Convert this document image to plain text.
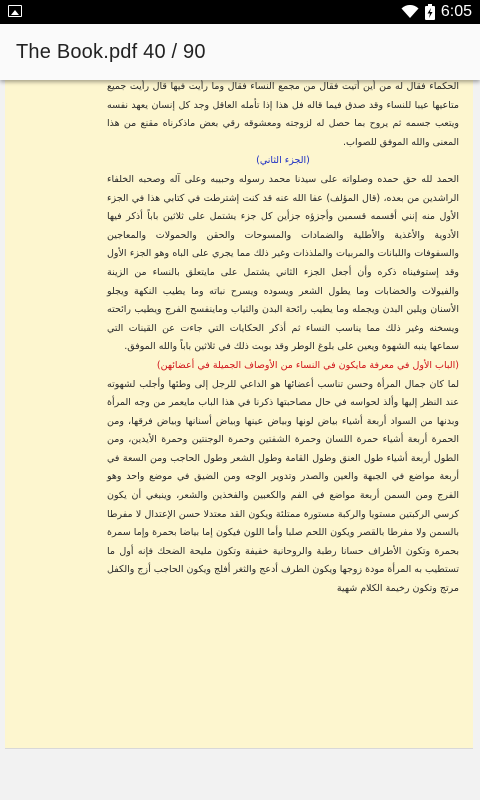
6:05
The Book.pdf 40 / 90

الحكماء فقال له من أين أتيت فقال من مجمع النساء فقال وما رأيت فيها قال رأيت جميع متاعيها عيبا للنساء وقد صدق فيما قاله فل هذا إذا تأمله العاقل وجد كل إنسان يعهد نفسه ويتعب جسمه ثم يروح بما حصل له لزوجته ومعشوقه رقي بعض ماذكرناه مقنع من هذا المعنى والله الموفق للصواب.

(الجزء الثاني)

الحمد لله حق حمده وصلواته على سيدنا محمد رسوله وحبيبه وعلى آله وصحبه الخلفاء الراشدين من بعده، (قال المؤلف) عفا الله عنه قد كنت إشترطت في كتابي هذا في الجزء الأول منه إنني أقسمه قسمين وأجزؤه جزأين كل جزء يشتمل على ثلاثين باباً أذكر فيها الأدوية والأغذية والأطلية والضمادات والمسوحات والحقن والحمولات والمعاجين والسفوفات واللبانات والمربيات والملذذات وغير ذلك مما يجري على الباه وهو الجزء الأول وقد إستوفيناه ذكره وأن أجعل الجزء الثاني يشتمل على مايتعلق بالنساء من الزينة والفيولات والخضابات وما يطول الشعر ويسوده ويسرح نباته وما يطيب النكهة ويجلو الأسنان ويلين البدن ويجمله وما يطيب رائحة البدن والثياب وماينفسح الفرج ويطيب رائحته ويسخنه وغير ذلك مما يناسب النساء ثم أذكر الحكايات التي جاءت عن القينات التي سماعها ينبه الشهوة ويعين على بلوغ الوطر وقد بوبت ذلك في ثلاثين باباً والله الموفق.

(الباب الأول في معرفة مايكون في النساء من الأوصاف الجميلة في أعضائهن)

لما كان جمال المرأة وحسن تناسب أعضائها هو الداعي للرجل إلى وطئها وأجلب لشهوته عند النظر إليها وألذ لحواسه في حال مصاحبتها ذكرنا في هذا الباب مايعمر من وجه المرأة وبدنها من السواد أربعة أشياء بياض لونها وبياض عينها وبياض أسنانها وبياض فرقها، ومن الحمرة أربعة أشياء حمرة اللسان وحمرة الشفتين وحمرة الوجنتين وحمرة الأيدين، ومن الطول أربعة أشياء طول العنق وطول القامة وطول الشعر وطول الحاجب ومن السعة في أربعة مواضع في الجبهة والعين والصدر وتدوير الوجه ومن الضيق في موضع واحد وهو الفرج ومن السمن أربعة مواضع في الفم والكعبين والفخذين والشعر، وينبغي أن يكون كرسي الركبتين مستويا والركبة مستورة ممتلئة ويكون القد معتدلا حسن الإعتدال لا مفرطا بالسمن ولا مفرطا بالقصر ويكون اللحم صلبا وأما اللون فيكون إما بياضا بحمرة وإما سمرة بحمرة وتكون الأطراف حسانا رطبة والروحانية خفيفة وتكون مليحة الضحك فإنه أول ما تستطيب به المرأة مودة زوجها ويكون الطرف أدعج والثغر أفلج ويكون الحاجب أزج والكفل مرتج وتكون رخيمة الكلام شهية
